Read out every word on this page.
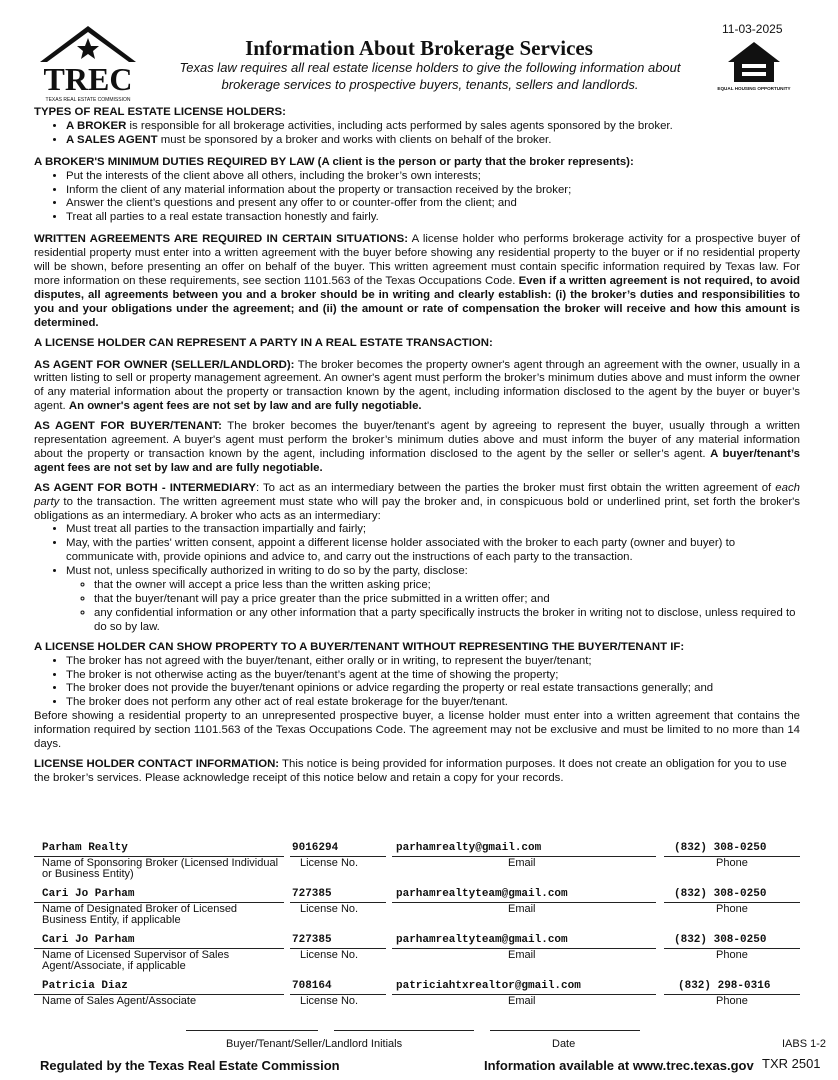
TREC
TEXAS REAL ESTATE COMMISSION
11-03-2025
EQUAL HOUSING OPPORTUNITY
Information About Brokerage Services
Texas law requires all real estate license holders to give the following information about
brokerage services to prospective buyers, tenants, sellers and landlords.
TYPES OF REAL ESTATE LICENSE HOLDERS:
• A BROKER is responsible for all brokerage activities, including acts performed by sales agents sponsored by the broker.
• A SALES AGENT must be sponsored by a broker and works with clients on behalf of the broker.
A BROKER'S MINIMUM DUTIES REQUIRED BY LAW (A client is the person or party that the broker represents):
• Put the interests of the client above all others, including the broker’s own interests;
• Inform the client of any material information about the property or transaction received by the broker;
• Answer the client’s questions and present any offer to or counter-offer from the client; and
• Treat all parties to a real estate transaction honestly and fairly.

WRITTEN AGREEMENTS ARE REQUIRED IN CERTAIN SITUATIONS: A license holder who performs brokerage activity for a prospective buyer of residential property must enter into a written agreement with the buyer before showing any residential property to the buyer or if no residential property will be shown, before presenting an offer on behalf of the buyer. This written agreement must contain specific information required by Texas law. For more information on these requirements, see section 1101.563 of the Texas Occupations Code. Even if a written agreement is not required, to avoid disputes, all agreements between you and a broker should be in writing and clearly establish: (i) the broker’s duties and responsibilities to you and your obligations under the agreement; and (ii) the amount or rate of compensation the broker will receive and how this amount is determined.

A LICENSE HOLDER CAN REPRESENT A PARTY IN A REAL ESTATE TRANSACTION:

AS AGENT FOR OWNER (SELLER/LANDLORD): The broker becomes the property owner's agent through an agreement with the owner, usually in a written listing to sell or property management agreement. An owner's agent must perform the broker’s minimum duties above and must inform the owner of any material information about the property or transaction known by the agent, including information disclosed to the agent by the buyer or buyer’s agent. An owner's agent fees are not set by law and are fully negotiable.

AS AGENT FOR BUYER/TENANT: The broker becomes the buyer/tenant's agent by agreeing to represent the buyer, usually through a written representation agreement. A buyer's agent must perform the broker’s minimum duties above and must inform the buyer of any material information about the property or transaction known by the agent, including information disclosed to the agent by the seller or seller’s agent. A buyer/tenant’s agent fees are not set by law and are fully negotiable.

AS AGENT FOR BOTH - INTERMEDIARY: To act as an intermediary between the parties the broker must first obtain the written agreement of each party to the transaction. The written agreement must state who will pay the broker and, in conspicuous bold or underlined print, set forth the broker's obligations as an intermediary. A broker who acts as an intermediary:

• Must treat all parties to the transaction impartially and fairly;
• May, with the parties' written consent, appoint a different license holder associated with the broker to each party (owner and buyer) to communicate with, provide opinions and advice to, and carry out the instructions of each party to the transaction.
• Must not, unless specifically authorized in writing to do so by the party, disclose:
◦ that the owner will accept a price less than the written asking price;
◦ that the buyer/tenant will pay a price greater than the price submitted in a written offer; and
◦ any confidential information or any other information that a party specifically instructs the broker in writing not to disclose, unless required to do so by law.
A LICENSE HOLDER CAN SHOW PROPERTY TO A BUYER/TENANT WITHOUT REPRESENTING THE BUYER/TENANT IF:
• The broker has not agreed with the buyer/tenant, either orally or in writing, to represent the buyer/tenant;
• The broker is not otherwise acting as the buyer/tenant’s agent at the time of showing the property;
• The broker does not provide the buyer/tenant opinions or advice regarding the property or real estate transactions generally; and
• The broker does not perform any other act of real estate brokerage for the buyer/tenant.

Before showing a residential property to an unrepresented prospective buyer, a license holder must enter into a written agreement that contains the information required by section 1101.563 of the Texas Occupations Code. The agreement may not be exclusive and must be limited to no more than 14 days.

LICENSE HOLDER CONTACT INFORMATION: This notice is being provided for information purposes. It does not create an obligation for you to use the broker’s services. Please acknowledge receipt of this notice below and retain a copy for your records.

Parham Realty	9016294	parhamrealty@gmail.com	(832) 308-0250
Name of Sponsoring Broker (Licensed Individual or Business Entity)
License No.	Email	Phone
Cari Jo Parham	727385	parhamrealtyteam@gmail.com	(832) 308-0250
Name of Designated Broker of Licensed Business Entity, if applicable
License No.	Email	Phone
Cari Jo Parham	727385	parhamrealtyteam@gmail.com	(832) 308-0250
Name of Licensed Supervisor of Sales Agent/Associate, if applicable
License No.	Email	Phone
Patricia Diaz	708164	patriciahtxrealtor@gmail.com	(832) 298-0316
Name of Sales Agent/Associate	License No.	Email	Phone
Buyer/Tenant/Seller/Landlord Initials	Date	IABS 1-2
Regulated by the Texas Real Estate Commission	Information available at www.trec.texas.gov TXR 2501
